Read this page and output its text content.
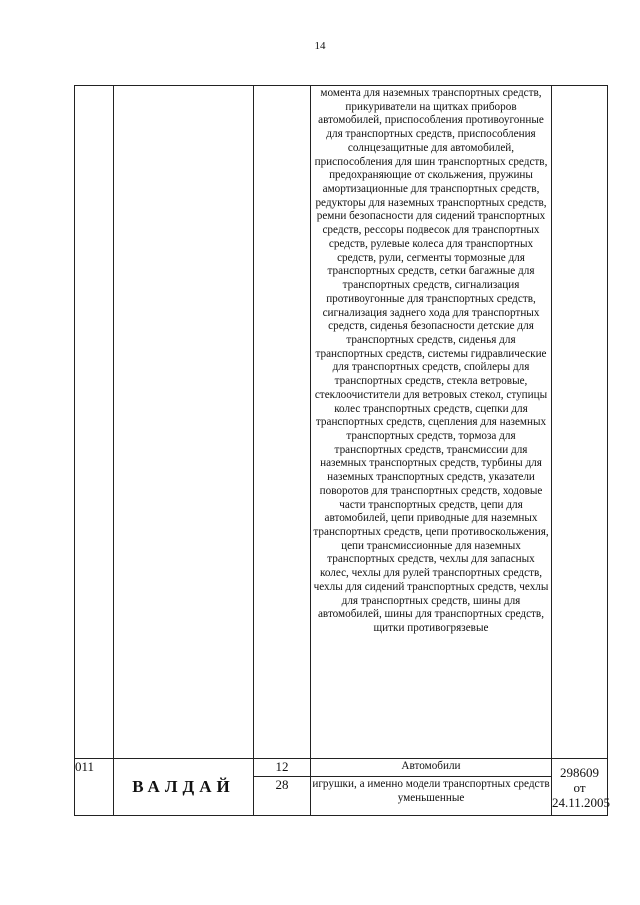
14

			момента для наземных транспортных средств, прикуриватели на щитках приборов автомобилей, приспособления противоугонные для транспортных средств, приспособления солнцезащитные для автомобилей, приспособления для шин транспортных средств, предохраняющие от скольжения, пружины амортизационные для транспортных средств, редукторы для наземных транспортных средств, ремни безопасности для сидений транспортных средств, рессоры подвесок для транспортных средств, рулевые колеса для транспортных средств, рули, сегменты тормозные для транспортных средств, сетки багажные для транспортных средств, сигнализация противоугонные для транспортных средств, сигнализация заднего хода для транспортных средств, сиденья безопасности детские для транспортных средств, сиденья для транспортных средств, системы гидравлические для транспортных средств, спойлеры для транспортных средств, стекла ветровые, стеклоочистители для ветровых стекол, ступицы колес транспортных средств, сцепки для транспортных средств, сцепления для наземных транспортных средств, тормоза для транспортных средств, трансмиссии для наземных транспортных средств, турбины для наземных транспортных средств, указатели поворотов для транспортных средств, ходовые части транспортных средств, цепи для автомобилей, цепи приводные для наземных транспортных средств, цепи противоскольжения, цепи трансмиссионные для наземных транспортных средств, чехлы для запасных колес, чехлы для рулей транспортных средств, чехлы для сидений транспортных средств, чехлы для транспортных средств, шины для автомобилей, шины для транспортных средств, щитки противогрязевые	

011	ВАЛДАЙ	12	Автомобили	298609
от
24.11.2005

		28	игрушки, а именно модели транспортных средств уменьшенные	
